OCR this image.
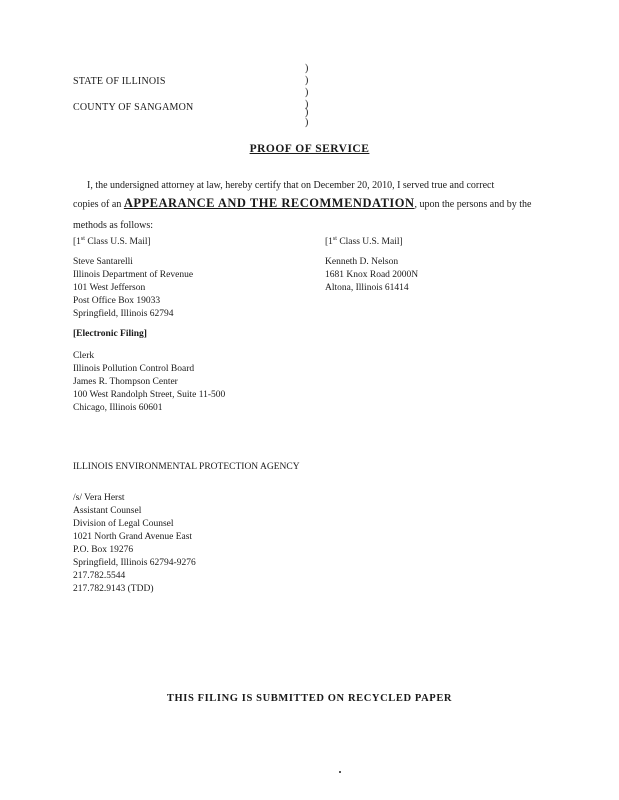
STATE OF ILLINOIS
COUNTY OF SANGAMON
)
)
)
)
)
)
PROOF OF SERVICE
I, the undersigned attorney at law, hereby certify that on December 20, 2010, I served true and correct
copies of an APPEARANCE AND THE RECOMMENDATION, upon the persons and by the
methods as follows:
[1st Class U.S. Mail]
Steve Santarelli
Illinois Department of Revenue
101 West Jefferson
Post Office Box 19033
Springfield, Illinois 62794
[1st Class U.S. Mail]
Kenneth D. Nelson
1681 Knox Road 2000N
Altona, Illinois 61414
[Electronic Filing]
Clerk
Illinois Pollution Control Board
James R. Thompson Center
100 West Randolph Street, Suite 11-500
Chicago, Illinois 60601
ILLINOIS ENVIRONMENTAL PROTECTION AGENCY
/s/ Vera Herst
Assistant Counsel
Division of Legal Counsel
1021 North Grand Avenue East
P.O. Box 19276
Springfield, Illinois 62794-9276
217.782.5544
217.782.9143 (TDD)
THIS FILING IS SUBMITTED ON RECYCLED PAPER
